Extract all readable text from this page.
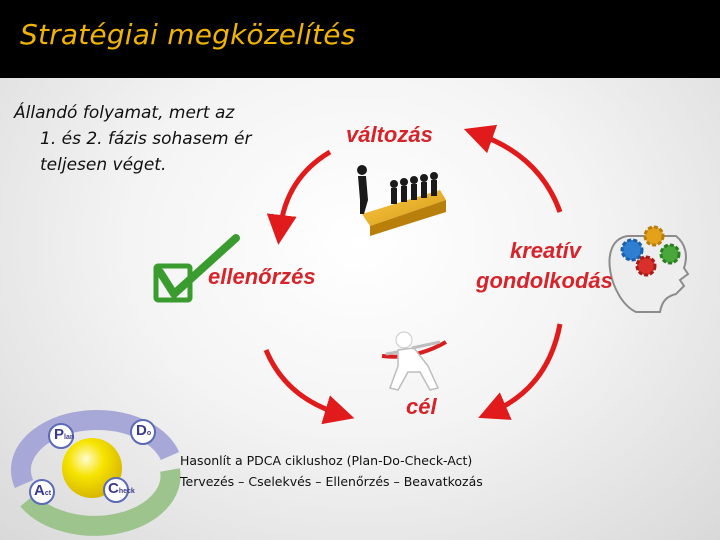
Stratégiai megközelítés
Állandó folyamat, mert az
1. és 2. fázis sohasem ér
teljesen véget.
Plan	Do
Act	Check
változás
kreatív
gondolkodás
ellenőrzés
cél
Hasonlít a PDCA ciklushoz (Plan-Do-Check-Act)
Tervezés – Cselekvés – Ellenőrzés – Beavatkozás
